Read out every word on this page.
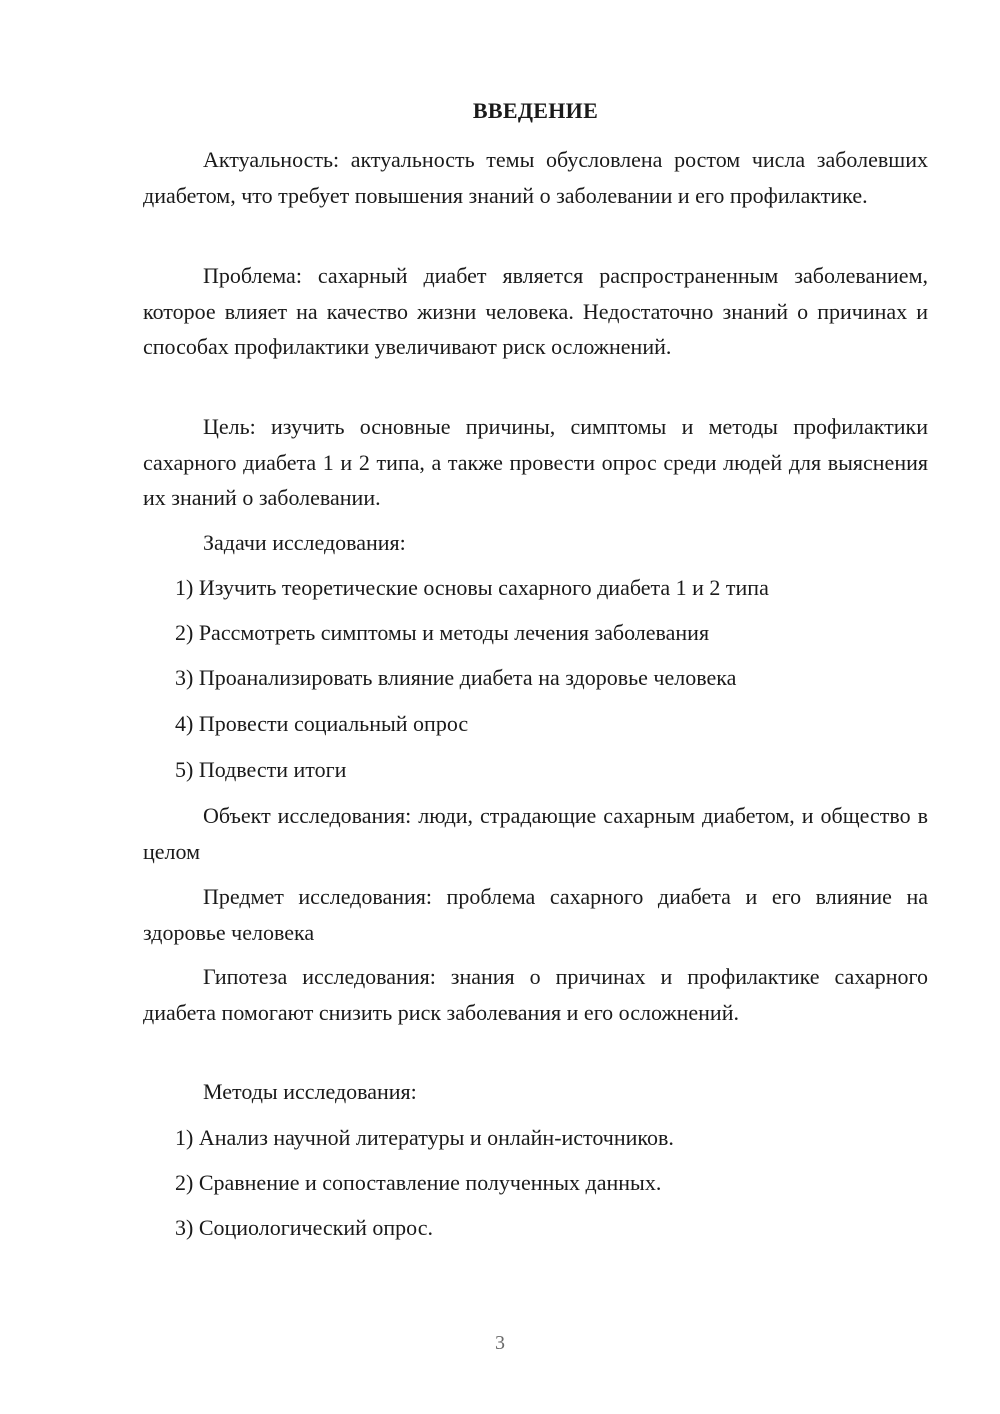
ВВЕДЕНИЕ

Актуальность: актуальность темы обусловлена ростом числа заболевших диабетом, что требует повышения знаний о заболевании и его профилактике.

Проблема: сахарный диабет является распространенным заболеванием, которое влияет на качество жизни человека. Недостаточно знаний о причинах и способах профилактики увеличивают риск осложнений.

Цель: изучить основные причины, симптомы и методы профилактики сахарного диабета 1 и 2 типа, а также провести опрос среди людей для выяснения их знаний о заболевании.

Задачи исследования:

1) Изучить теоретические основы сахарного диабета 1 и 2 типа

2) Рассмотреть симптомы и методы лечения заболевания

3) Проанализировать влияние диабета на здоровье человека

4) Провести социальный опрос

5) Подвести итоги

Объект исследования: люди, страдающие сахарным диабетом, и общество в целом

Предмет исследования: проблема сахарного диабета и его влияние на здоровье человека

Гипотеза исследования: знания о причинах и профилактике сахарного диабета помогают снизить риск заболевания и его осложнений.

Методы исследования:

1) Анализ научной литературы и онлайн-источников.

2) Сравнение и сопоставление полученных данных.

3) Социологический опрос.

3
